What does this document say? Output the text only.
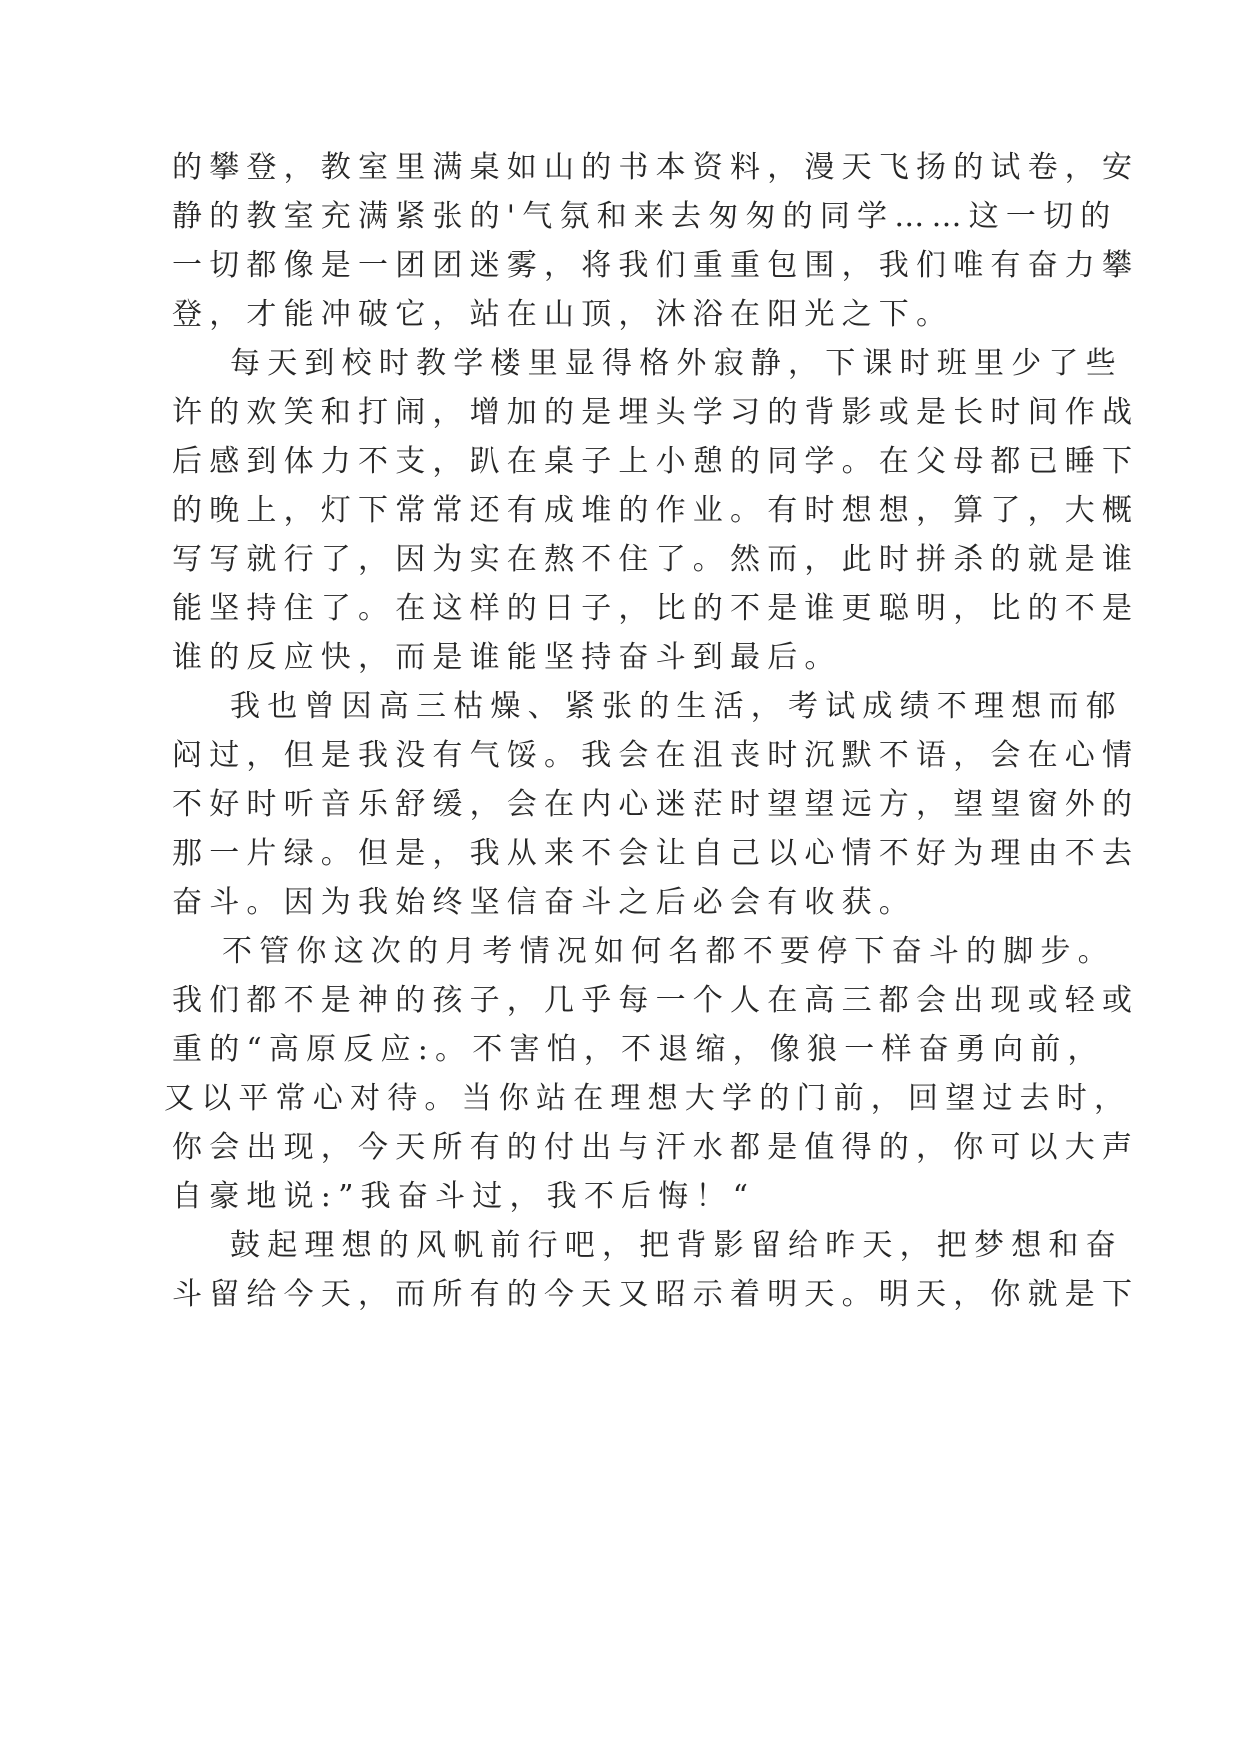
的攀登，教室里满桌如山的书本资料，漫天飞扬的试卷，安

静的教室充满紧张的'气氛和来去匆匆的同学……这一切的

一切都像是一团团迷雾，将我们重重包围，我们唯有奋力攀

登，才能冲破它，站在山顶，沐浴在阳光之下。

每天到校时教学楼里显得格外寂静，下课时班里少了些

许的欢笑和打闹，增加的是埋头学习的背影或是长时间作战

后感到体力不支，趴在桌子上小憩的同学。在父母都已睡下

的晚上，灯下常常还有成堆的作业。有时想想，算了，大概

写写就行了，因为实在熬不住了。然而，此时拼杀的就是谁

能坚持住了。在这样的日子，比的不是谁更聪明，比的不是

谁的反应快，而是谁能坚持奋斗到最后。

我也曾因高三枯燥、紧张的生活，考试成绩不理想而郁

闷过，但是我没有气馁。我会在沮丧时沉默不语，会在心情

不好时听音乐舒缓，会在内心迷茫时望望远方，望望窗外的

那一片绿。但是，我从来不会让自己以心情不好为理由不去

奋斗。因为我始终坚信奋斗之后必会有收获。

不管你这次的月考情况如何名都不要停下奋斗的脚步。

我们都不是神的孩子，几乎每一个人在高三都会出现或轻或

重的“高原反应:。不害怕，不退缩，像狼一样奋勇向前，

又以平常心对待。当你站在理想大学的门前，回望过去时，

你会出现，今天所有的付出与汗水都是值得的，你可以大声

自豪地说:”我奋斗过，我不后悔！“

鼓起理想的风帆前行吧，把背影留给昨天，把梦想和奋

斗留给今天，而所有的今天又昭示着明天。明天，你就是下
